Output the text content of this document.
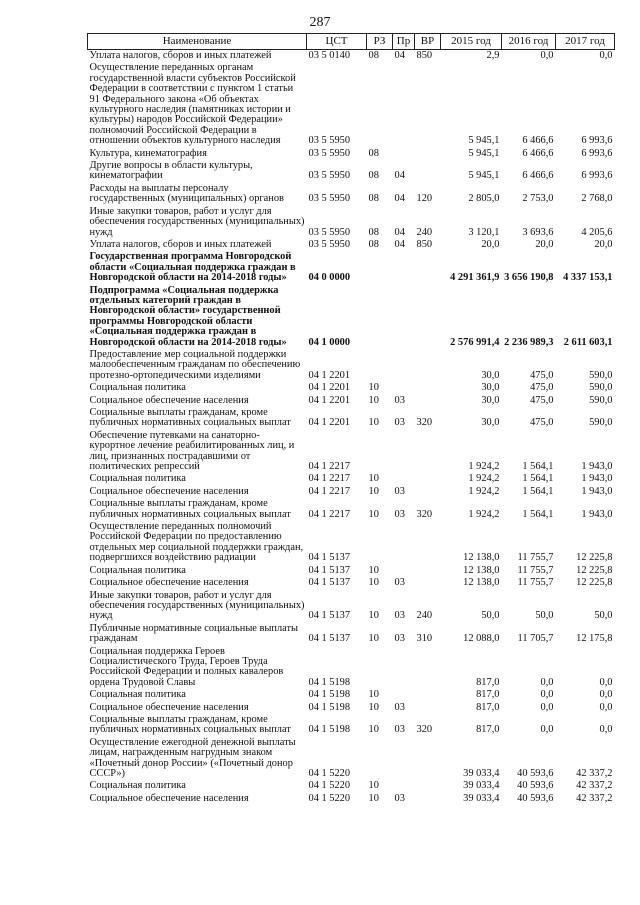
287
Наименование	ЦСТ	РЗ	Пр	ВР	2015 год	2016 год	2017 год
Уплата налогов, сборов и иных платежей	03 5 0140	08	04	850	2,9	0,0	0,0
Осуществление переданных органам государственной власти субъектов Российской Федерации в соответствии с пунктом 1 статьи 91 Федерального закона «Об объектах культурного наследия (памятниках истории и культуры) народов Российской Федерации» полномочий Российской Федерации в отношении объектов культурного наследия	03 5 5950				5 945,1	6 466,6	6 993,6
Культура, кинематография	03 5 5950	08			5 945,1	6 466,6	6 993,6
Другие вопросы в области культуры, кинематографии	03 5 5950	08	04		5 945,1	6 466,6	6 993,6
Расходы на выплаты персоналу государственных (муниципальных) органов	03 5 5950	08	04	120	2 805,0	2 753,0	2 768,0
Иные закупки товаров, работ и услуг для обеспечения государственных (муниципальных) нужд	03 5 5950	08	04	240	3 120,1	3 693,6	4 205,6
Уплата налогов, сборов и иных платежей	03 5 5950	08	04	850	20,0	20,0	20,0
Государственная программа Новгородской области «Социальная поддержка граждан в Новгородской области на 2014-2018 годы»	04 0 0000				4 291 361,9	3 656 190,8	4 337 153,1
Подпрограмма «Социальная поддержка отдельных категорий граждан в Новгородской области» государственной программы Новгородской области «Социальная поддержка граждан в Новгородской области на 2014-2018 годы»	04 1 0000				2 576 991,4	2 236 989,3	2 611 603,1
Предоставление мер социальной поддержки малообеспеченным гражданам по обеспечению протезно-ортопедическими изделиями	04 1 2201				30,0	475,0	590,0
Социальная политика	04 1 2201	10			30,0	475,0	590,0
Социальное обеспечение населения	04 1 2201	10	03		30,0	475,0	590,0
Социальные выплаты гражданам, кроме публичных нормативных социальных выплат	04 1 2201	10	03	320	30,0	475,0	590,0
Обеспечение путевками на санаторно-курортное лечение реабилитированных лиц, и лиц, признанных пострадавшими от политических репрессий	04 1 2217				1 924,2	1 564,1	1 943,0
Социальная политика	04 1 2217	10			1 924,2	1 564,1	1 943,0
Социальное обеспечение населения	04 1 2217	10	03		1 924,2	1 564,1	1 943,0
Социальные выплаты гражданам, кроме публичных нормативных социальных выплат	04 1 2217	10	03	320	1 924,2	1 564,1	1 943,0
Осуществление переданных полномочий Российской Федерации по предоставлению отдельных мер социальной поддержки граждан, подвергшихся воздействию радиации	04 1 5137				12 138,0	11 755,7	12 225,8
Социальная политика	04 1 5137	10			12 138,0	11 755,7	12 225,8
Социальное обеспечение населения	04 1 5137	10	03		12 138,0	11 755,7	12 225,8
Иные закупки товаров, работ и услуг для обеспечения государственных (муниципальных) нужд	04 1 5137	10	03	240	50,0	50,0	50,0
Публичные нормативные социальные выплаты гражданам	04 1 5137	10	03	310	12 088,0	11 705,7	12 175,8
Социальная поддержка Героев Социалистического Труда, Героев Труда Российской Федерации и полных кавалеров ордена Трудовой Славы	04 1 5198				817,0	0,0	0,0
Социальная политика	04 1 5198	10			817,0	0,0	0,0
Социальное обеспечение населения	04 1 5198	10	03		817,0	0,0	0,0
Социальные выплаты гражданам, кроме публичных нормативных социальных выплат	04 1 5198	10	03	320	817,0	0,0	0,0
Осуществление ежегодной денежной выплаты лицам, награжденным нагрудным знаком «Почетный донор России» («Почетный донор СССР»)	04 1 5220				39 033,4	40 593,6	42 337,2
Социальная политика	04 1 5220	10			39 033,4	40 593,6	42 337,2
Социальное обеспечение населения	04 1 5220	10	03		39 033,4	40 593,6	42 337,2
